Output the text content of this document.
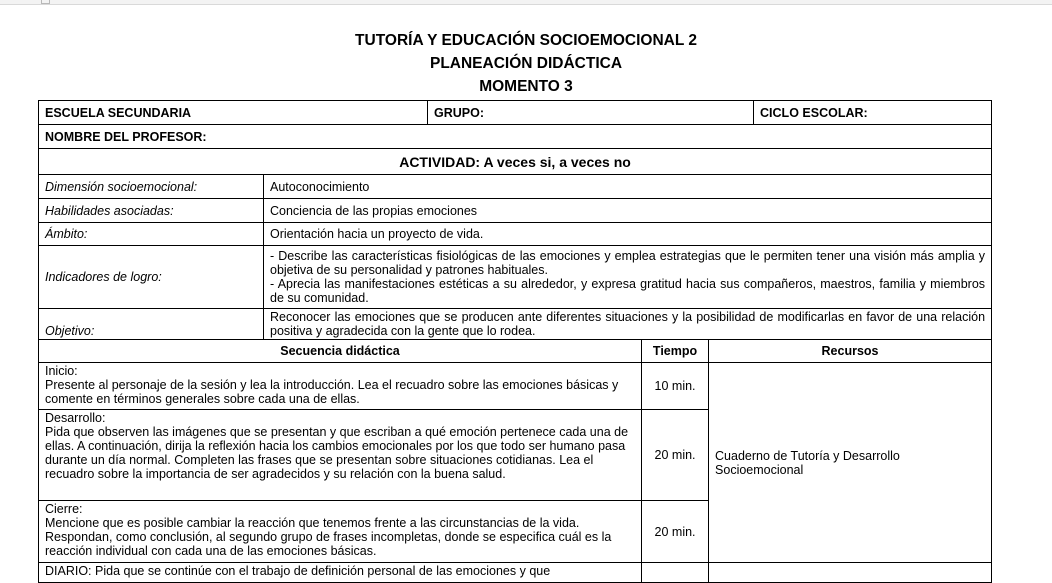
TUTORÍA Y EDUCACIÓN SOCIOEMOCIONAL 2
PLANEACIÓN DIDÁCTICA
MOMENTO 3
ESCUELA SECUNDARIA		GRUPO:			CICLO ESCOLAR:
NOMBRE DEL PROFESOR:					
ACTIVIDAD: A veces si, a veces no					
Dimensión socioemocional:	Autoconocimiento				
Habilidades asociadas:	Conciencia de las propias emociones				
Ámbito:	Orientación hacia un proyecto de vida.				
Indicadores de logro:	- Describe las características fisiológicas de las emociones y emplea estrategias que le permiten tener una visión más amplia y objetiva de su personalidad y patrones habituales.
- Aprecia las manifestaciones estéticas a su alrededor, y expresa gratitud hacia sus compañeros, maestros, familia y miembros de su comunidad.				

Objetivo:	Reconocer las emociones que se producen ante diferentes situaciones y la posibilidad de modificarlas en favor de una relación positiva y agradecida con la gente que lo rodea.				
Secuencia didáctica			Tiempo	Recursos	

Inicio:
Presente al personaje de la sesión y lea la introducción. Lea el recuadro sobre las emociones básicas y comente en términos generales sobre cada una de ellas.			10 min.	Cuaderno de Tutoría y Desarrollo Socioemocional	

Desarrollo:
Pida que observen las imágenes que se presentan y que escriban a qué emoción pertenece cada una de ellas. A continuación, dirija la reflexión hacia los cambios emocionales por los que todo ser humano pasa durante un día normal. Completen las frases que se presentan sobre situaciones cotidianas. Lea el recuadro sobre la importancia de ser agradecidos y su relación con la buena salud.			20 min.		

Cierre:
Mencione que es posible cambiar la reacción que tenemos frente a las circunstancias de la vida. Respondan, como conclusión, al segundo grupo de frases incompletas, donde se especifica cuál es la reacción individual con cada una de las emociones básicas.			20 min.		
DIARIO: Pida que se continúe con el trabajo de definición personal de las emociones y que					
